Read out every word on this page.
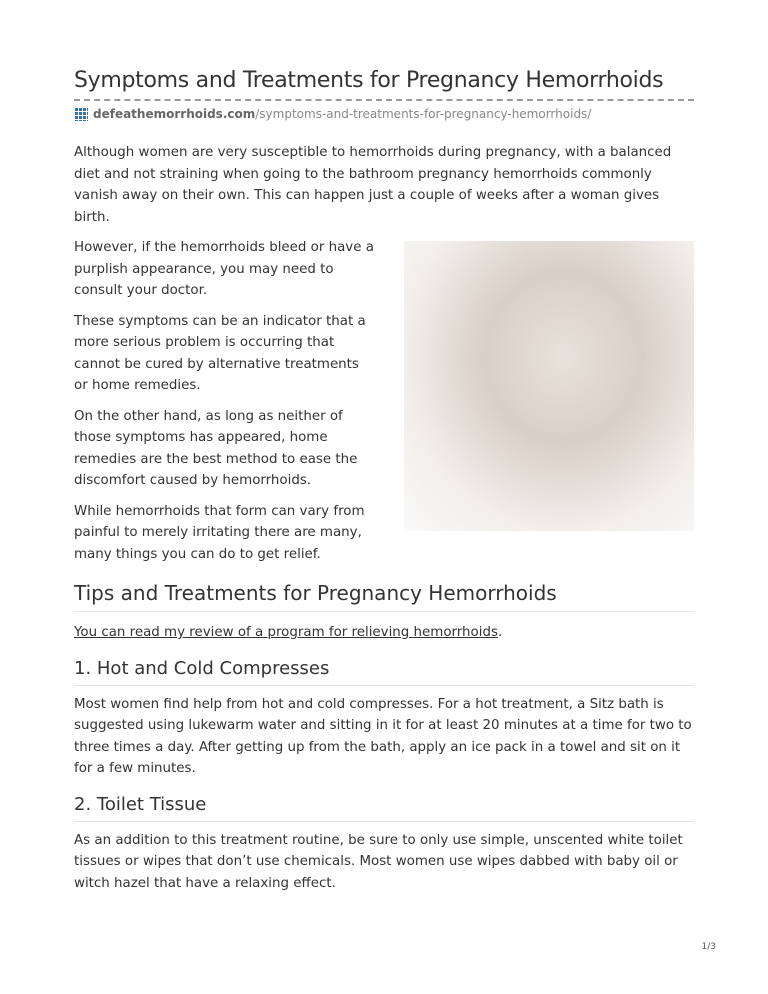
Symptoms and Treatments for Pregnancy Hemorrhoids
defeathemorrhoids.com /symptoms-and-treatments-for-pregnancy-hemorrhoids/

Although women are very susceptible to hemorrhoids during pregnancy, with a balanced diet and not straining when going to the bathroom pregnancy hemorrhoids commonly vanish away on their own. This can happen just a couple of weeks after a woman gives birth.

However, if the hemorrhoids bleed or have a purplish appearance, you may need to consult your doctor.

These symptoms can be an indicator that a more serious problem is occurring that cannot be cured by alternative treatments or home remedies.

On the other hand, as long as neither of those symptoms has appeared, home remedies are the best method to ease the discomfort caused by hemorrhoids.

While hemorrhoids that form can vary from painful to merely irritating there are many, many things you can do to get relief.

Tips and Treatments for Pregnancy Hemorrhoids

You can read my review of a program for relieving hemorrhoids.

1. Hot and Cold Compresses

Most women find help from hot and cold compresses. For a hot treatment, a Sitz bath is suggested using lukewarm water and sitting in it for at least 20 minutes at a time for two to three times a day. After getting up from the bath, apply an ice pack in a towel and sit on it for a few minutes.

2. Toilet Tissue

As an addition to this treatment routine, be sure to only use simple, unscented white toilet tissues or wipes that don’t use chemicals. Most women use wipes dabbed with baby oil or witch hazel that have a relaxing effect.

1/3
